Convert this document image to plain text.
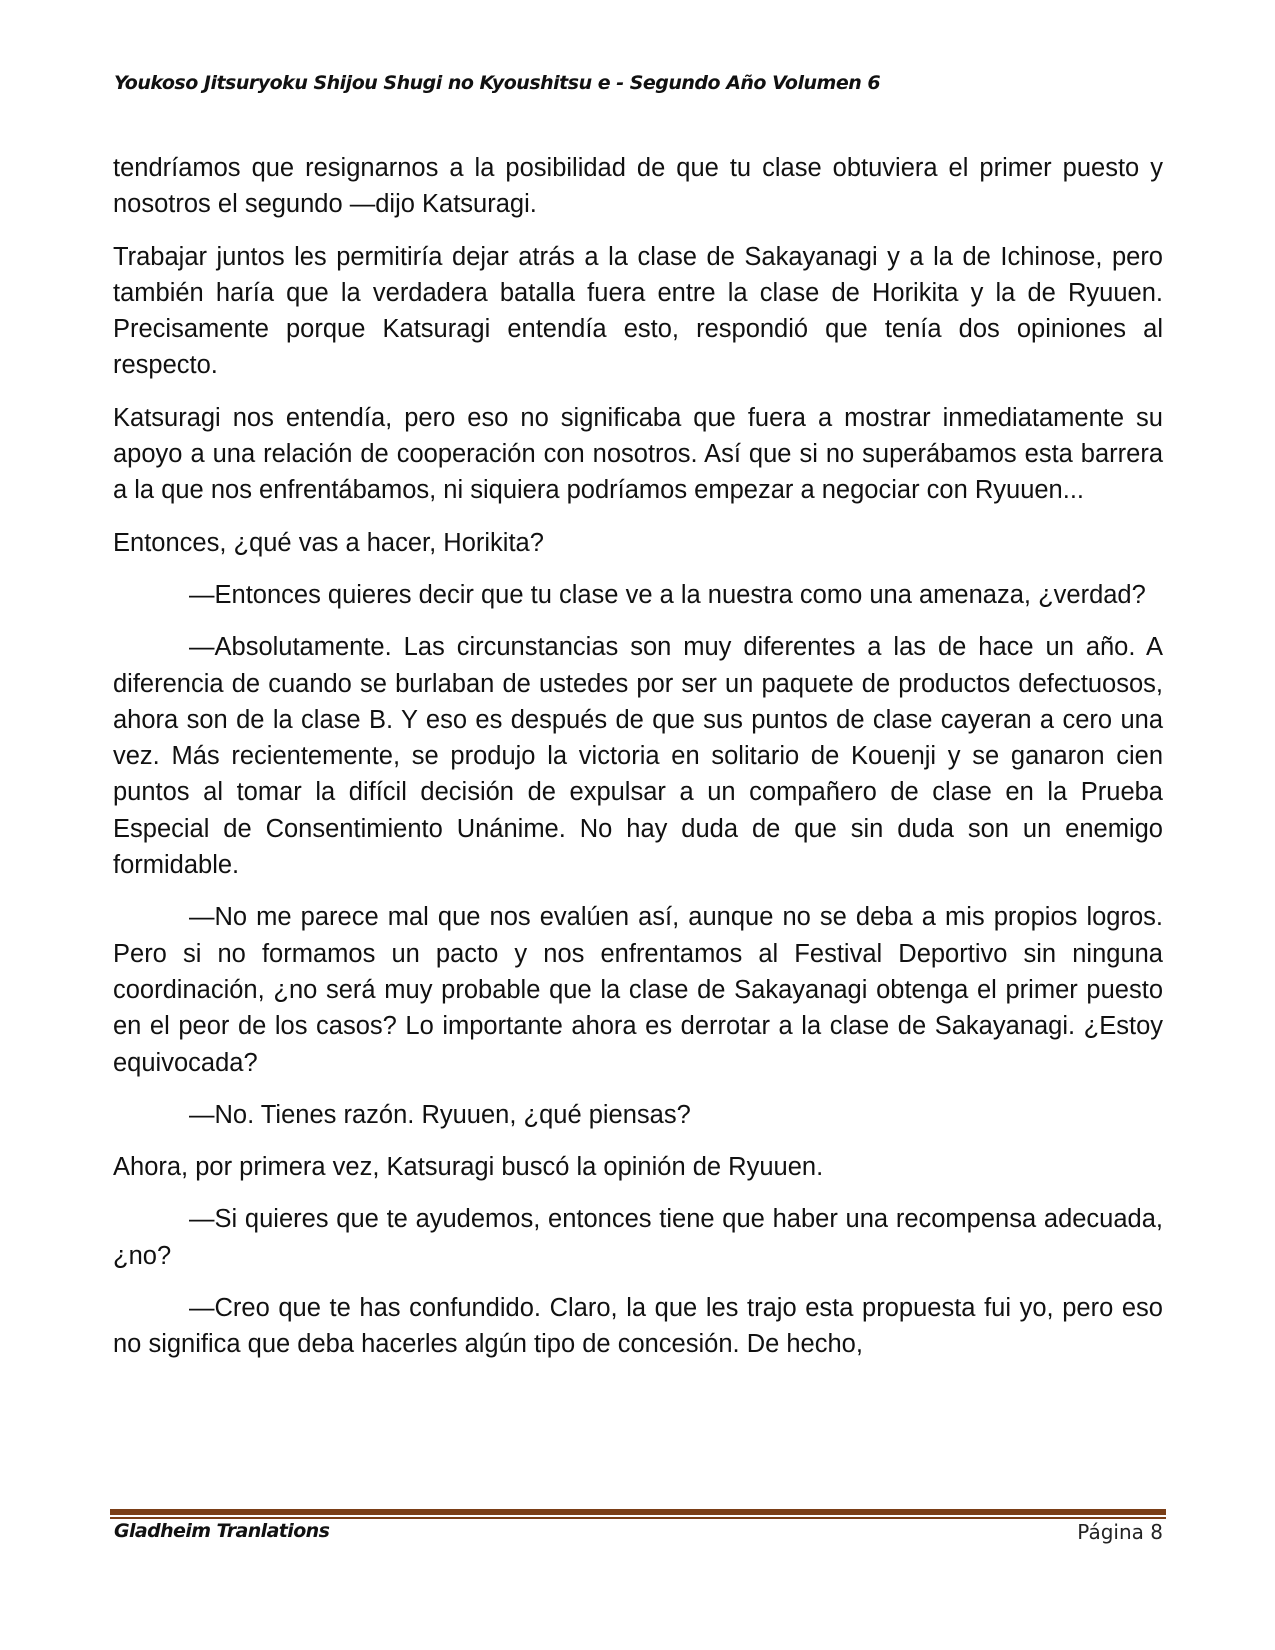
Youkoso Jitsuryoku Shijou Shugi no Kyoushitsu e - Segundo Año Volumen 6

tendríamos que resignarnos a la posibilidad de que tu clase obtuviera el primer puesto y nosotros el segundo —dijo Katsuragi.

Trabajar juntos les permitiría dejar atrás a la clase de Sakayanagi y a la de Ichinose, pero también haría que la verdadera batalla fuera entre la clase de Horikita y la de Ryuuen. Precisamente porque Katsuragi entendía esto, respondió que tenía dos opiniones al respecto.

Katsuragi nos entendía, pero eso no significaba que fuera a mostrar inmediatamente su apoyo a una relación de cooperación con nosotros. Así que si no superábamos esta barrera a la que nos enfrentábamos, ni siquiera podríamos empezar a negociar con Ryuuen...

Entonces, ¿qué vas a hacer, Horikita?

—Entonces quieres decir que tu clase ve a la nuestra como una amenaza, ¿verdad?

—Absolutamente. Las circunstancias son muy diferentes a las de hace un año. A diferencia de cuando se burlaban de ustedes por ser un paquete de productos defectuosos, ahora son de la clase B. Y eso es después de que sus puntos de clase cayeran a cero una vez. Más recientemente, se produjo la victoria en solitario de Kouenji y se ganaron cien puntos al tomar la difícil decisión de expulsar a un compañero de clase en la Prueba Especial de Consentimiento Unánime. No hay duda de que sin duda son un enemigo formidable.

—No me parece mal que nos evalúen así, aunque no se deba a mis propios logros. Pero si no formamos un pacto y nos enfrentamos al Festival Deportivo sin ninguna coordinación, ¿no será muy probable que la clase de Sakayanagi obtenga el primer puesto en el peor de los casos? Lo importante ahora es derrotar a la clase de Sakayanagi. ¿Estoy equivocada?

—No. Tienes razón. Ryuuen, ¿qué piensas?

Ahora, por primera vez, Katsuragi buscó la opinión de Ryuuen.

—Si quieres que te ayudemos, entonces tiene que haber una recompensa adecuada, ¿no?

—Creo que te has confundido. Claro, la que les trajo esta propuesta fui yo, pero eso no significa que deba hacerles algún tipo de concesión. De hecho,

Gladheim Tranlations	Página 8
